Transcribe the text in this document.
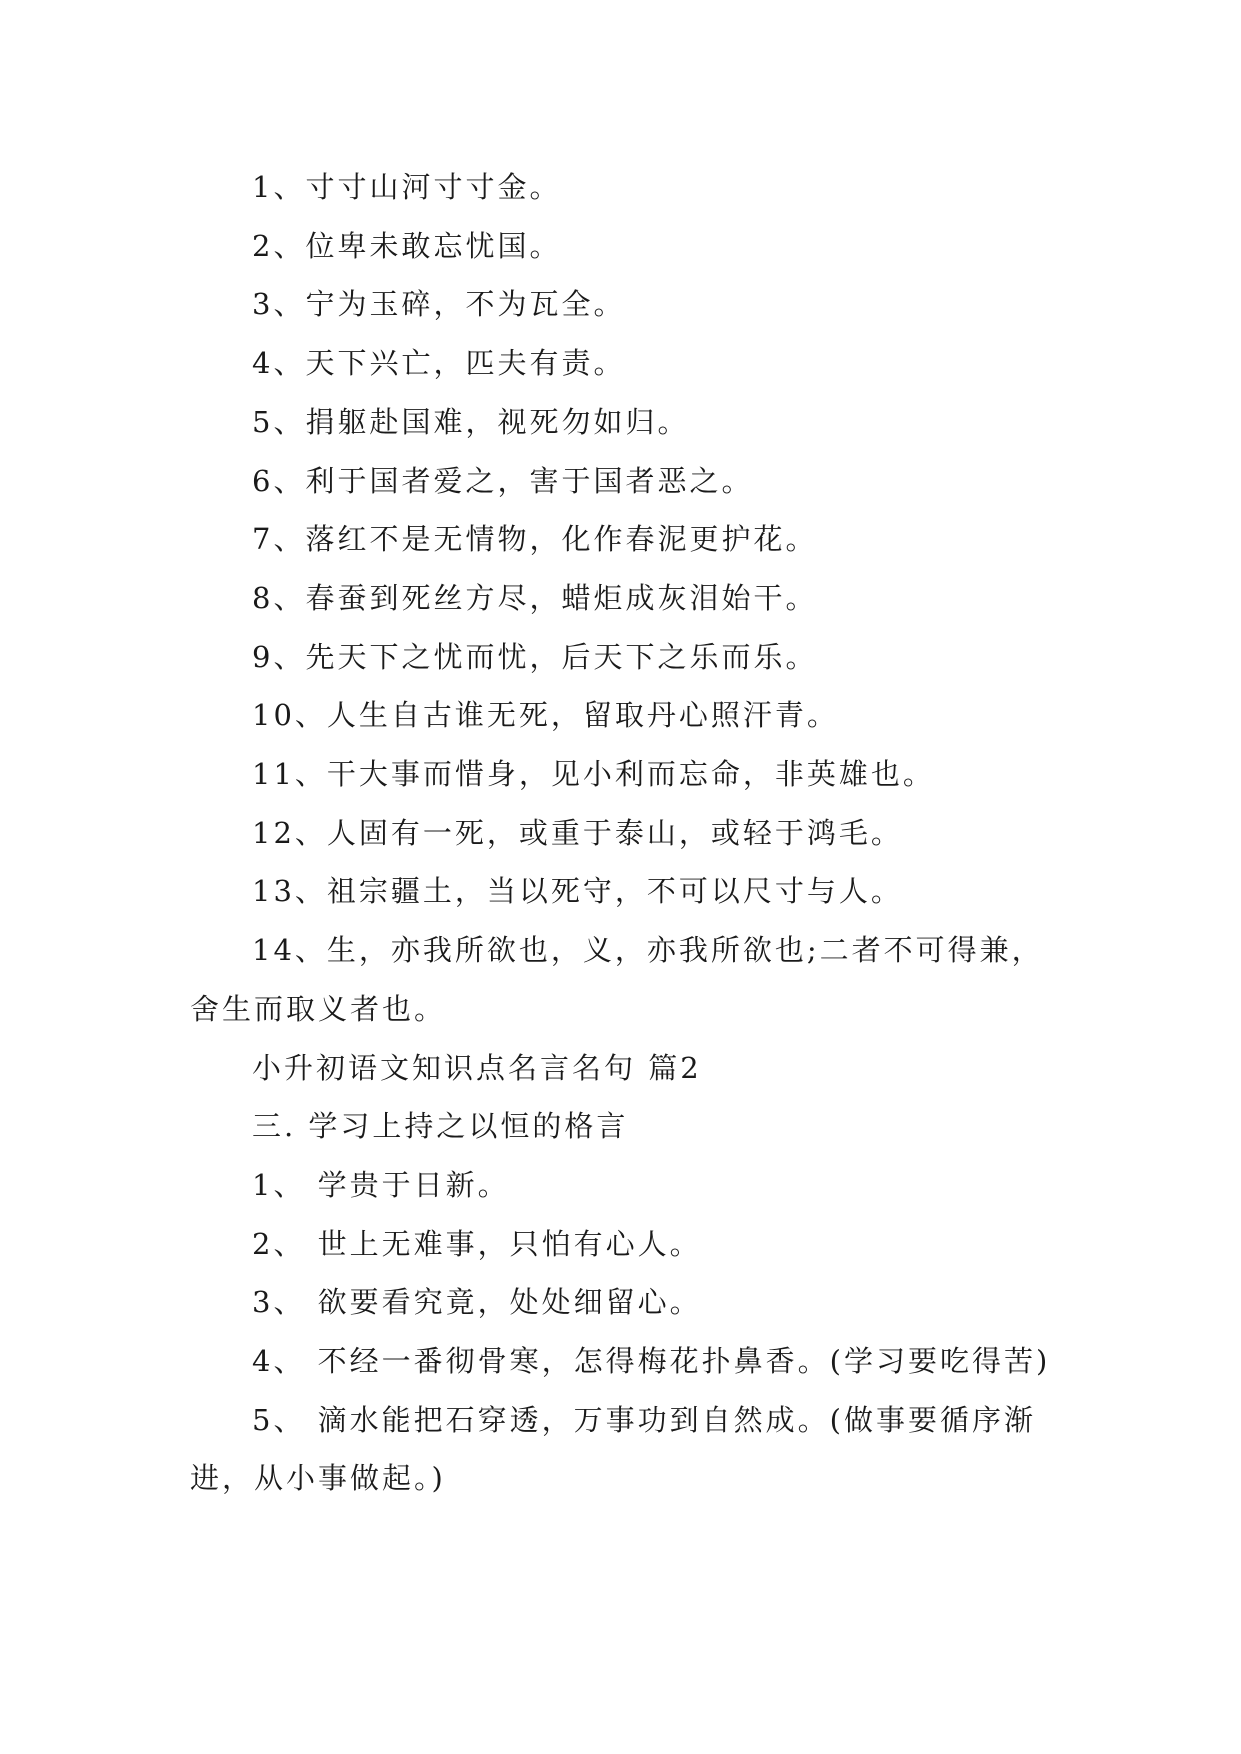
1、寸寸山河寸寸金。

2、位卑未敢忘忧国。

3、宁为玉碎，不为瓦全。

4、天下兴亡，匹夫有责。

5、捐躯赴国难，视死勿如归。

6、利于国者爱之，害于国者恶之。

7、落红不是无情物，化作春泥更护花。

8、春蚕到死丝方尽，蜡炬成灰泪始干。

9、先天下之忧而忧，后天下之乐而乐。

10、人生自古谁无死，留取丹心照汗青。

11、干大事而惜身，见小利而忘命，非英雄也。

12、人固有一死，或重于泰山，或轻于鸿毛。

13、祖宗疆土，当以死守，不可以尺寸与人。

14、生，亦我所欲也，义，亦我所欲也;二者不可得兼，舍生而取义者也。

小升初语文知识点名言名句 篇2

三. 学习上持之以恒的格言

1、 学贵于日新。

2、 世上无难事，只怕有心人。

3、 欲要看究竟，处处细留心。

4、 不经一番彻骨寒，怎得梅花扑鼻香。(学习要吃得苦)

5、 滴水能把石穿透，万事功到自然成。(做事要循序渐进，从小事做起。)
